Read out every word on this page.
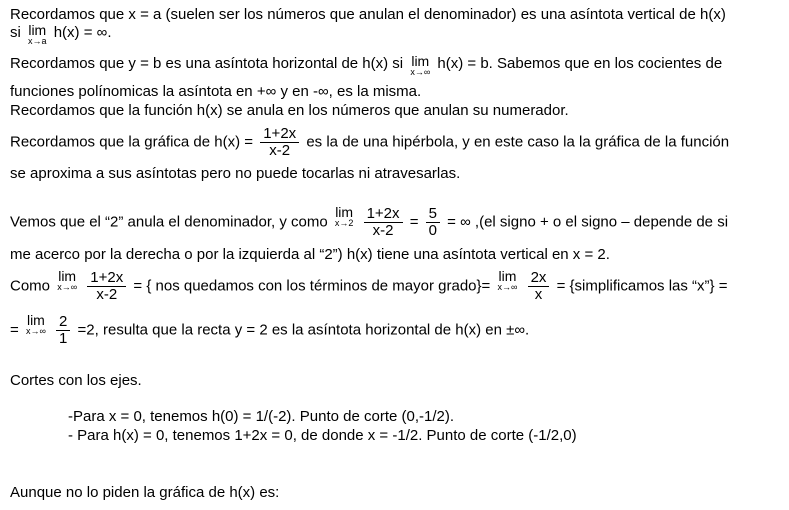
Recordamos que x = a (suelen ser los números que anulan el denominador) es una asíntota vertical de h(x)
si lim
x→a h(x) = ∞.
Recordamos que y = b es una asíntota horizontal de h(x) si lim
x→∞ h(x) = b. Sabemos que en los cocientes de
funciones polínomicas la asíntota en +∞ y en -∞, es la misma.
Recordamos que la función h(x) se anula en los números que anulan su numerador.
Recordamos que la gráfica de $h(x) = \frac{1+2x}{x-2}$ es la de una hipérbola, y en este caso la la gráfica de la función
se aproxima a sus asíntotas pero no puede tocarlas ni atravesarlas.
Vemos que el “2” anula el denominador, y como
lim
x→2
$\frac{1+2x}{x-2} = \frac{5}{0}$ = ∞ ,(el signo + o el signo – depende de si
me acerco por la derecha o por la izquierda al “2”) h(x) tiene una asíntota vertical en x = 2.
Como
lim
x→∞
$\frac{1+2x}{x-2}$ = { nos quedamos con los términos de mayor grado}=
lim
x→∞
$\frac{2x}{x}$ = {simplificamos las “x”} =
=
lim
x→∞
$\frac{2}{1} =2$, resulta que la recta y = 2 es la asíntota horizontal de h(x) en ±∞.
Cortes con los ejes.
-Para x = 0, tenemos h(0) = 1/(-2). Punto de corte (0,-1/2).
- Para h(x) = 0, tenemos 1+2x = 0, de donde x = -1/2. Punto de corte (-1/2,0)
Aunque no lo piden la gráfica de h(x) es:
